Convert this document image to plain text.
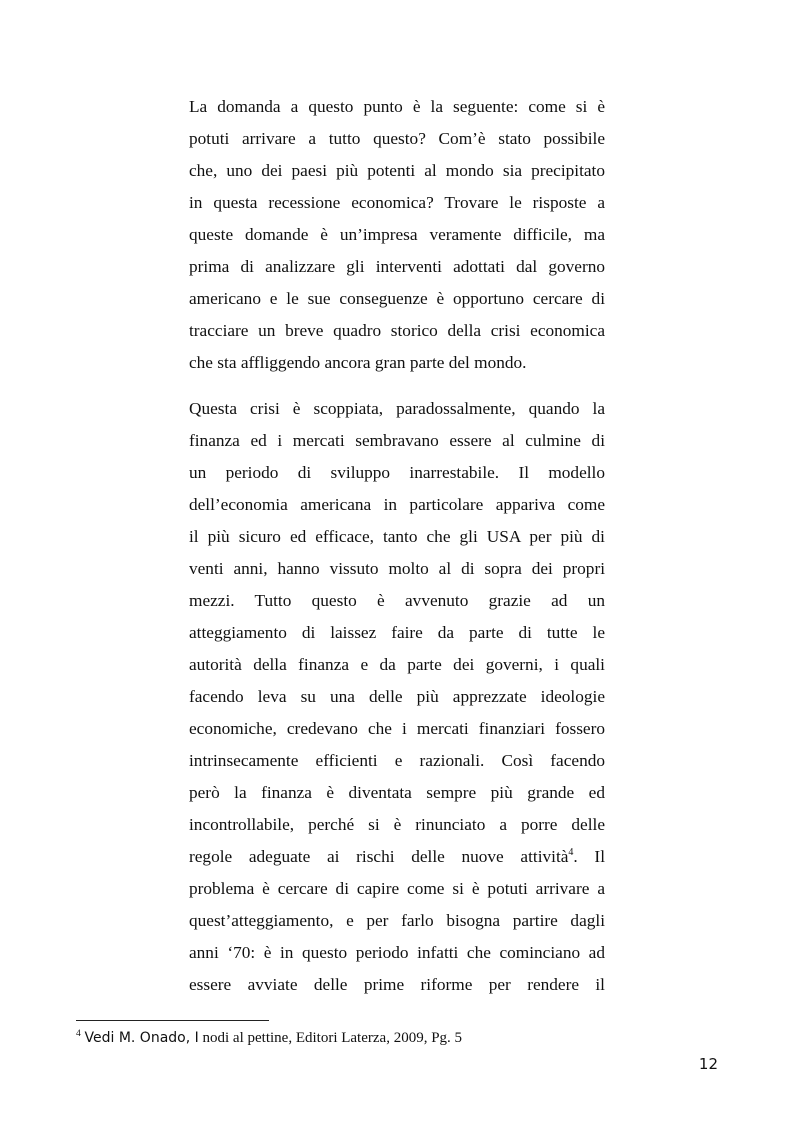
La domanda a questo punto è la seguente: come si è
potuti arrivare a tutto questo? Com’è stato possibile
che, uno dei paesi più potenti al mondo sia precipitato
in questa recessione economica? Trovare le risposte a
queste domande è un’impresa veramente difficile, ma
prima di analizzare gli interventi adottati dal governo
americano e le sue conseguenze è opportuno cercare di
tracciare un breve quadro storico della crisi economica
che sta affliggendo ancora gran parte del mondo.
Questa crisi è scoppiata, paradossalmente, quando la
finanza ed i mercati sembravano essere al culmine di
un periodo di sviluppo inarrestabile. Il modello
dell’economia americana in particolare appariva come
il più sicuro ed efficace, tanto che gli USA per più di
venti anni, hanno vissuto molto al di sopra dei propri
mezzi. Tutto questo è avvenuto grazie ad un
atteggiamento di laissez faire da parte di tutte le
autorità della finanza e da parte dei governi, i quali
facendo leva su una delle più apprezzate ideologie
economiche, credevano che i mercati finanziari fossero
intrinsecamente efficienti e razionali. Così facendo
però la finanza è diventata sempre più grande ed
incontrollabile, perché si è rinunciato a porre delle
regole adeguate ai rischi delle nuove attività$^4$. Il
problema è cercare di capire come si è potuti arrivare a
quest’atteggiamento, e per farlo bisogna partire dagli
anni ‘70: è in questo periodo infatti che cominciano ad
essere avviate delle prime riforme per rendere il
$^4$ Vedi M. Onado, I nodi al pettine, Editori Laterza, 2009, Pg. 5
12
